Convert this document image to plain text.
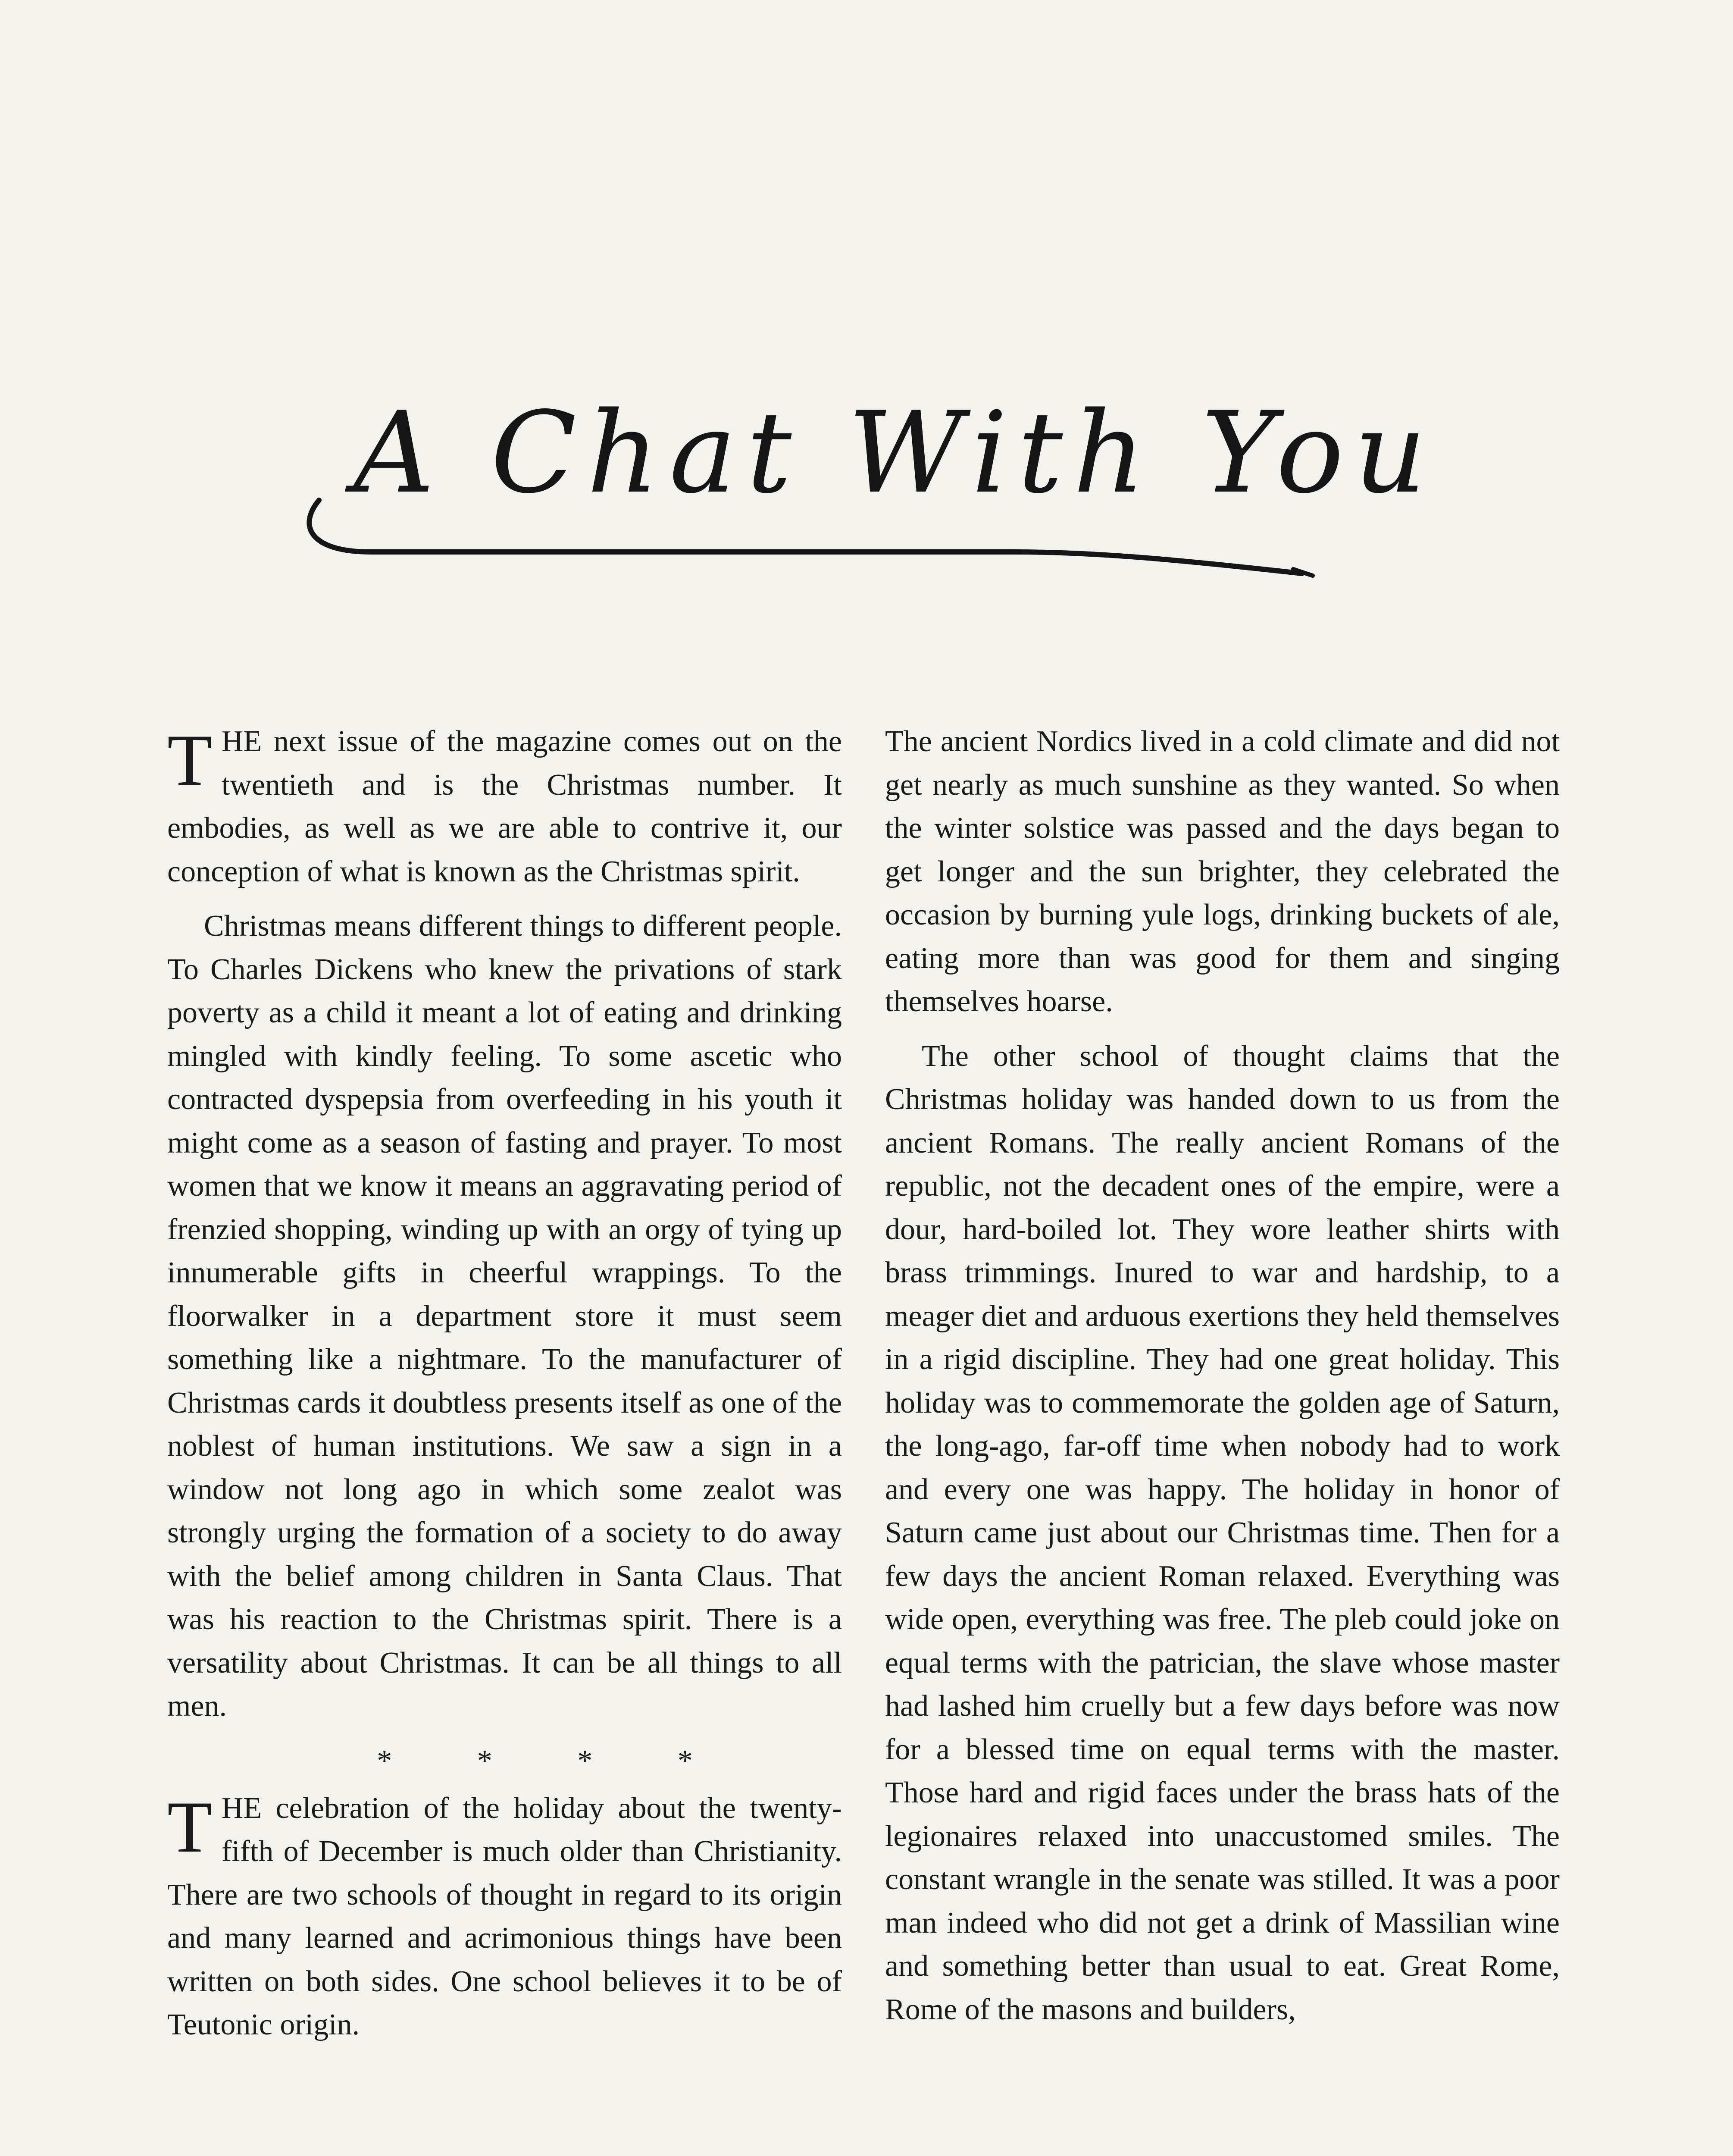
A Chat With You

THE next issue of the magazine comes out on the twentieth and is the Christmas number. It embodies, as well as we are able to contrive it, our conception of what is known as the Christmas spirit.

Christmas means different things to different people. To Charles Dickens who knew the privations of stark poverty as a child it meant a lot of eating and drinking mingled with kindly feeling. To some ascetic who contracted dyspepsia from overfeeding in his youth it might come as a season of fasting and prayer. To most women that we know it means an aggravating period of frenzied shopping, winding up with an orgy of tying up innumerable gifts in cheerful wrappings. To the floorwalker in a department store it must seem something like a nightmare. To the manufacturer of Christmas cards it doubtless presents itself as one of the noblest of human institutions. We saw a sign in a window not long ago in which some zealot was strongly urging the formation of a society to do away with the belief among children in Santa Claus. That was his reaction to the Christmas spirit. There is a versatility about Christmas. It can be all things to all men.

* * * *

THE celebration of the holiday about the twenty-fifth of December is much older than Christianity. There are two schools of thought in regard to its origin and many learned and acrimonious things have been written on both sides. One school believes it to be of Teutonic origin.

The ancient Nordics lived in a cold climate and did not get nearly as much sunshine as they wanted. So when the winter solstice was passed and the days began to get longer and the sun brighter, they celebrated the occasion by burning yule logs, drinking buckets of ale, eating more than was good for them and singing themselves hoarse.

The other school of thought claims that the Christmas holiday was handed down to us from the ancient Romans. The really ancient Romans of the republic, not the decadent ones of the empire, were a dour, hard-boiled lot. They wore leather shirts with brass trimmings. Inured to war and hardship, to a meager diet and arduous exertions they held themselves in a rigid discipline. They had one great holiday. This holiday was to commemorate the golden age of Saturn, the long-ago, far-off time when nobody had to work and every one was happy. The holiday in honor of Saturn came just about our Christmas time. Then for a few days the ancient Roman relaxed. Everything was wide open, everything was free. The pleb could joke on equal terms with the patrician, the slave whose master had lashed him cruelly but a few days before was now for a blessed time on equal terms with the master. Those hard and rigid faces under the brass hats of the legionaires relaxed into unaccustomed smiles. The constant wrangle in the senate was stilled. It was a poor man indeed who did not get a drink of Massilian wine and something better than usual to eat. Great Rome, Rome of the masons and builders,
